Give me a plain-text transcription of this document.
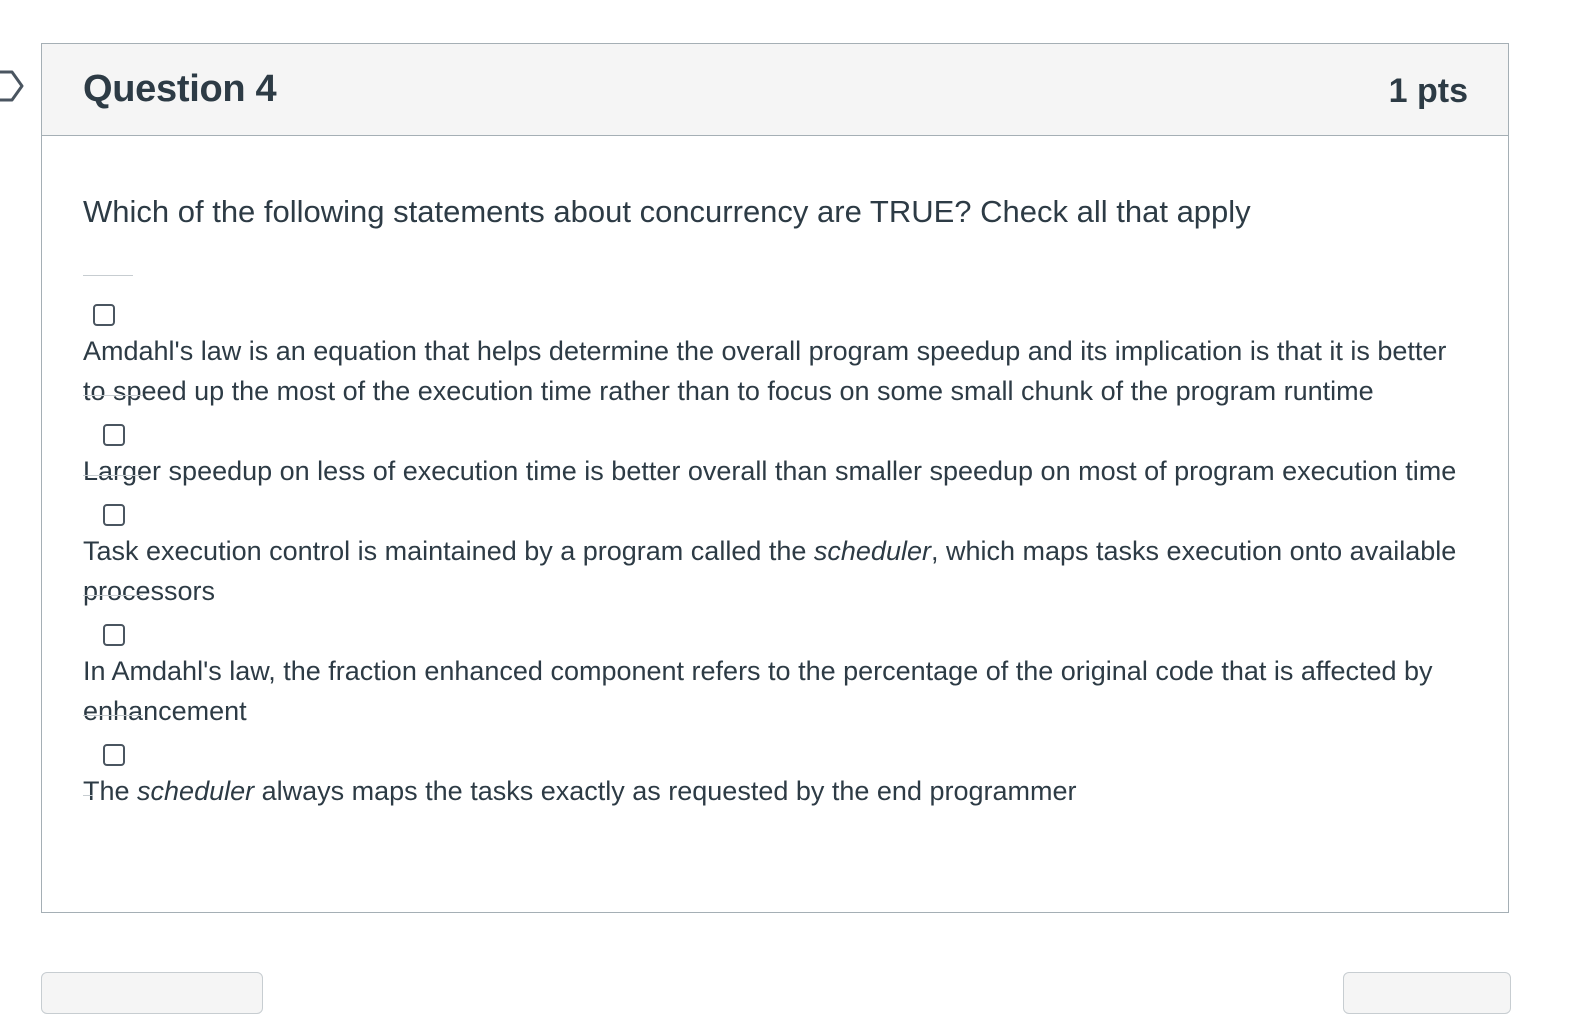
Question 4	1 pts
Which of the following statements about concurrency are TRUE? Check all that apply
Amdahl's law is an equation that helps determine the overall program speedup and its implication is that it is better to speed up the most of the execution time rather than to focus on some small chunk of the program runtime
Larger speedup on less of execution time is better overall than smaller speedup on most of program execution time
Task execution control is maintained by a program called the scheduler, which maps tasks execution onto available processors
In Amdahl's law, the fraction enhanced component refers to the percentage of the original code that is affected by enhancement
The scheduler always maps the tasks exactly as requested by the end programmer
